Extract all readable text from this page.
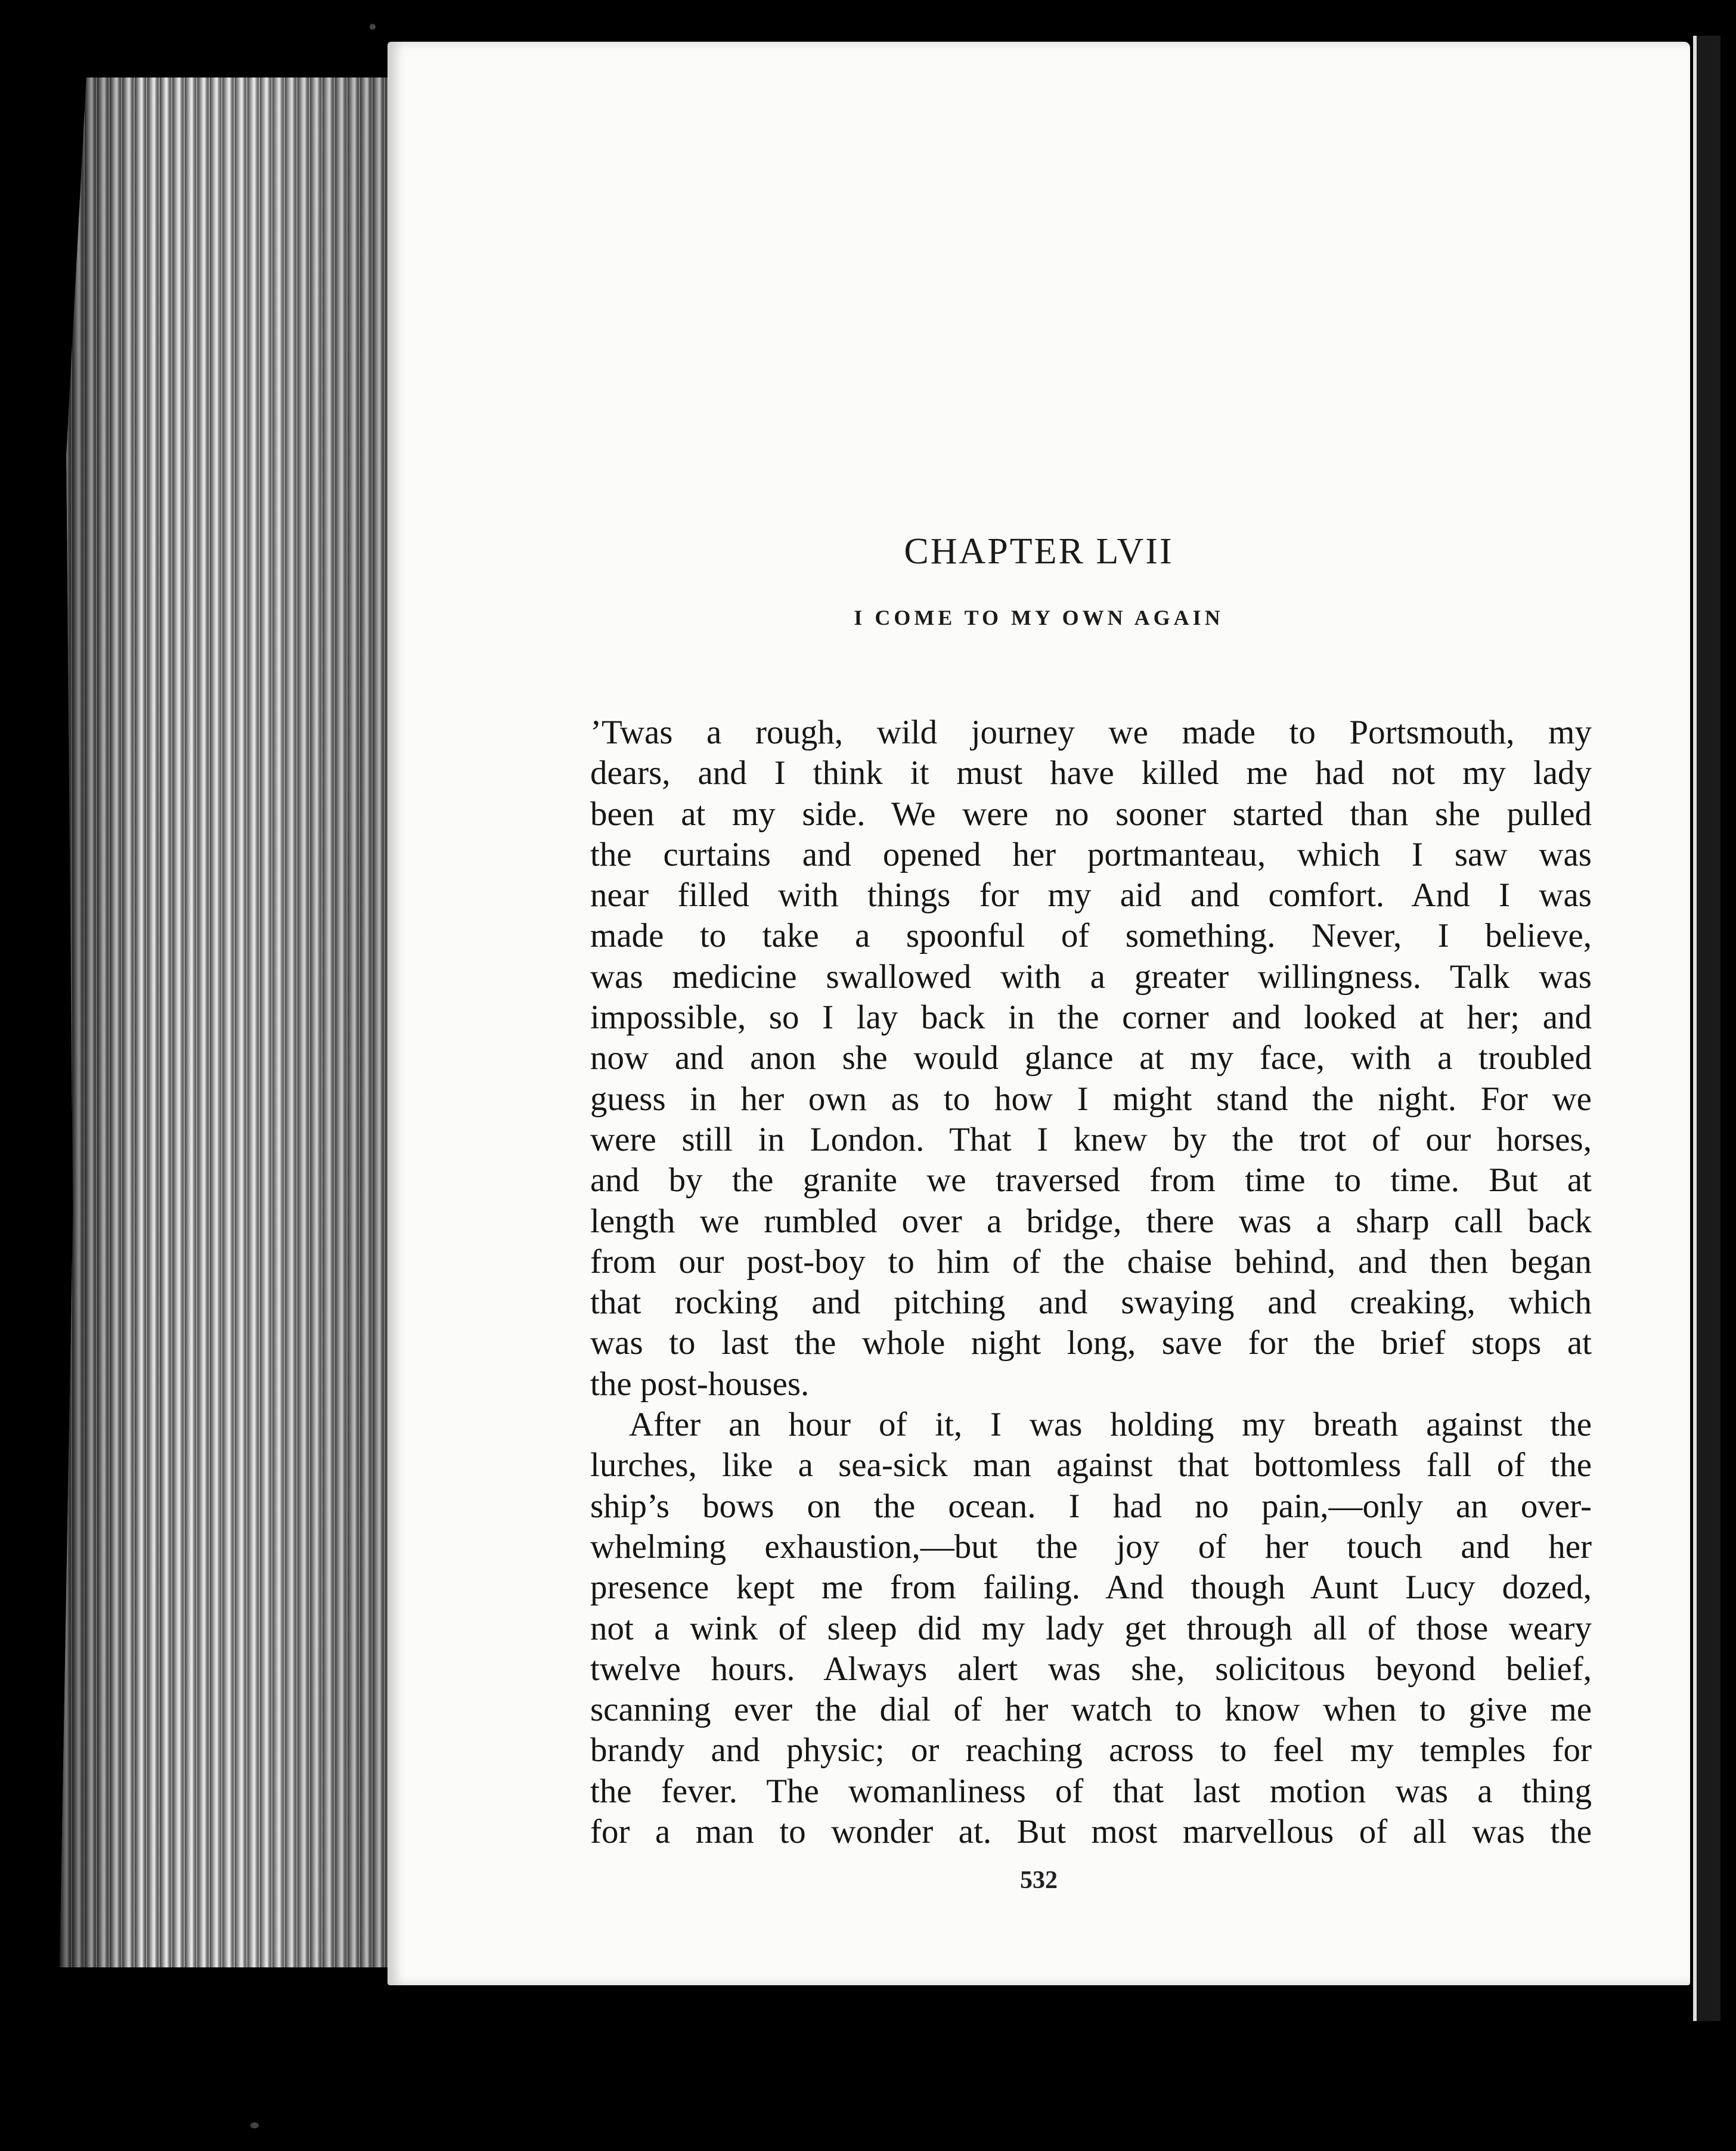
CHAPTER LVII
I COME TO MY OWN AGAIN
’Twas a rough, wild journey we made to Portsmouth, my
dears, and I think it must have killed me had not my lady
been at my side. We were no sooner started than she pulled
the curtains and opened her portmanteau, which I saw was
near filled with things for my aid and comfort. And I was
made to take a spoonful of something. Never, I believe,
was medicine swallowed with a greater willingness. Talk was
impossible, so I lay back in the corner and looked at her; and
now and anon she would glance at my face, with a troubled
guess in her own as to how I might stand the night. For we
were still in London. That I knew by the trot of our horses,
and by the granite we traversed from time to time. But at
length we rumbled over a bridge, there was a sharp call back
from our post-boy to him of the chaise behind, and then began
that rocking and pitching and swaying and creaking, which
was to last the whole night long, save for the brief stops at
the post-houses.
After an hour of it, I was holding my breath against the
lurches, like a sea-sick man against that bottomless fall of the
ship’s bows on the ocean. I had no pain,—only an over-
whelming exhaustion,—but the joy of her touch and her
presence kept me from failing. And though Aunt Lucy dozed,
not a wink of sleep did my lady get through all of those weary
twelve hours. Always alert was she, solicitous beyond belief,
scanning ever the dial of her watch to know when to give me
brandy and physic; or reaching across to feel my temples for
the fever. The womanliness of that last motion was a thing
for a man to wonder at. But most marvellous of all was the
532
